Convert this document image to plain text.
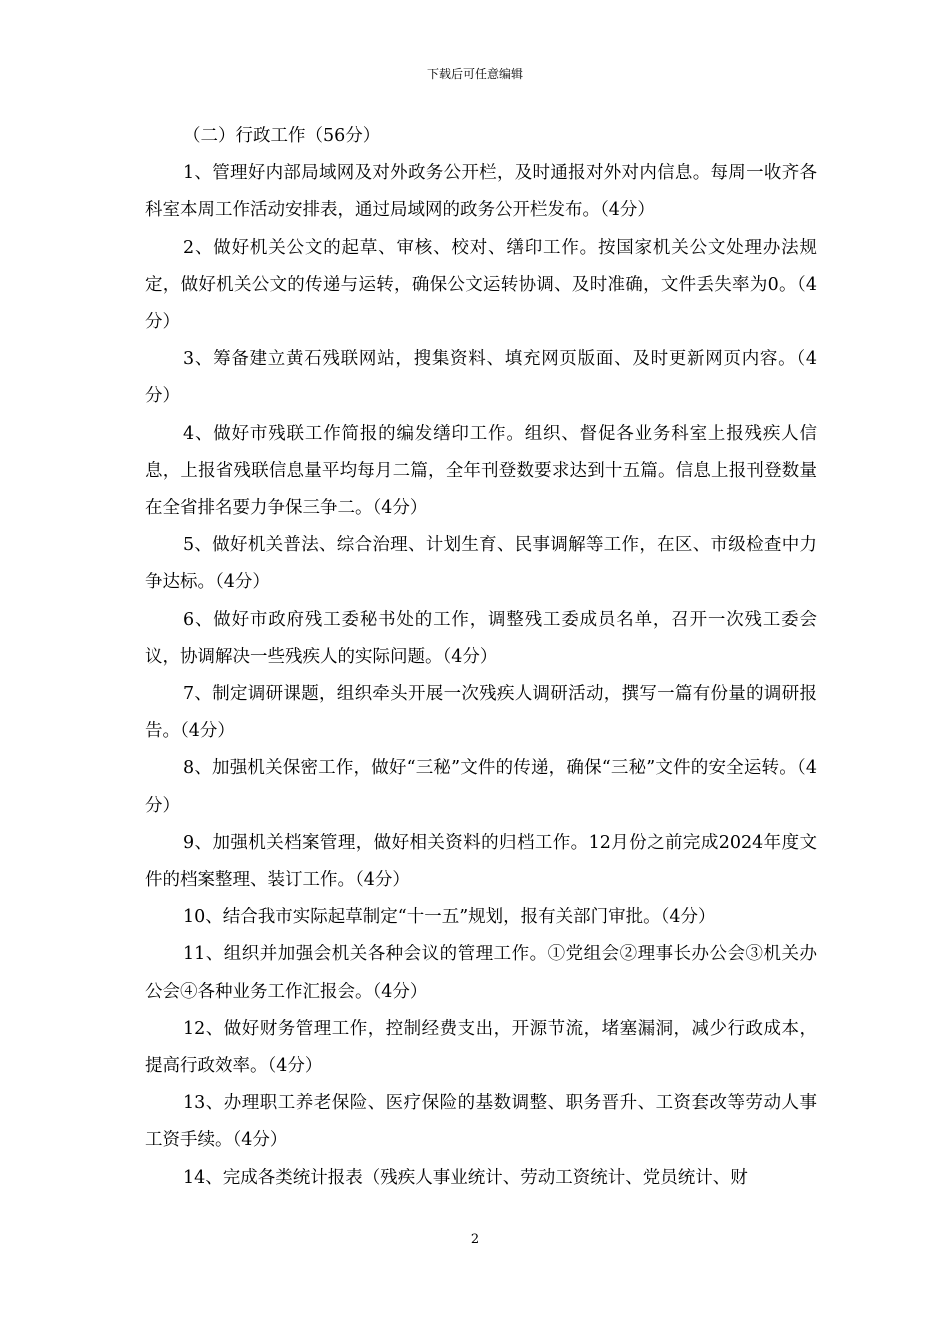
下载后可任意编辑

（二）行政工作（56分）

1、管理好内部局域网及对外政务公开栏，及时通报对外对内信息。每周一收齐各科室本周工作活动安排表，通过局域网的政务公开栏发布。（4分）

2、做好机关公文的起草、审核、校对、缮印工作。按国家机关公文处理办法规定，做好机关公文的传递与运转，确保公文运转协调、及时准确，文件丢失率为0。（4分）

3、筹备建立黄石残联网站，搜集资料、填充网页版面、及时更新网页内容。（4分）

4、做好市残联工作简报的编发缮印工作。组织、督促各业务科室上报残疾人信息，上报省残联信息量平均每月二篇，全年刊登数要求达到十五篇。信息上报刊登数量在全省排名要力争保三争二。（4分）

5、做好机关普法、综合治理、计划生育、民事调解等工作，在区、市级检查中力争达标。（4分）

6、做好市政府残工委秘书处的工作，调整残工委成员名单，召开一次残工委会议，协调解决一些残疾人的实际问题。（4分）

7、制定调研课题，组织牵头开展一次残疾人调研活动，撰写一篇有份量的调研报告。（4分）

8、加强机关保密工作，做好“三秘”文件的传递，确保“三秘”文件的安全运转。（4分）

9、加强机关档案管理，做好相关资料的归档工作。12月份之前完成2024年度文件的档案整理、装订工作。（4分）

10、结合我市实际起草制定“十一五”规划，报有关部门审批。（4分）

11、组织并加强会机关各种会议的管理工作。①党组会②理事长办公会③机关办公会④各种业务工作汇报会。（4分）

12、做好财务管理工作，控制经费支出，开源节流，堵塞漏洞，减少行政成本，提高行政效率。（4分）

13、办理职工养老保险、医疗保险的基数调整、职务晋升、工资套改等劳动人事工资手续。（4分）

14、完成各类统计报表（残疾人事业统计、劳动工资统计、党员统计、财

2
